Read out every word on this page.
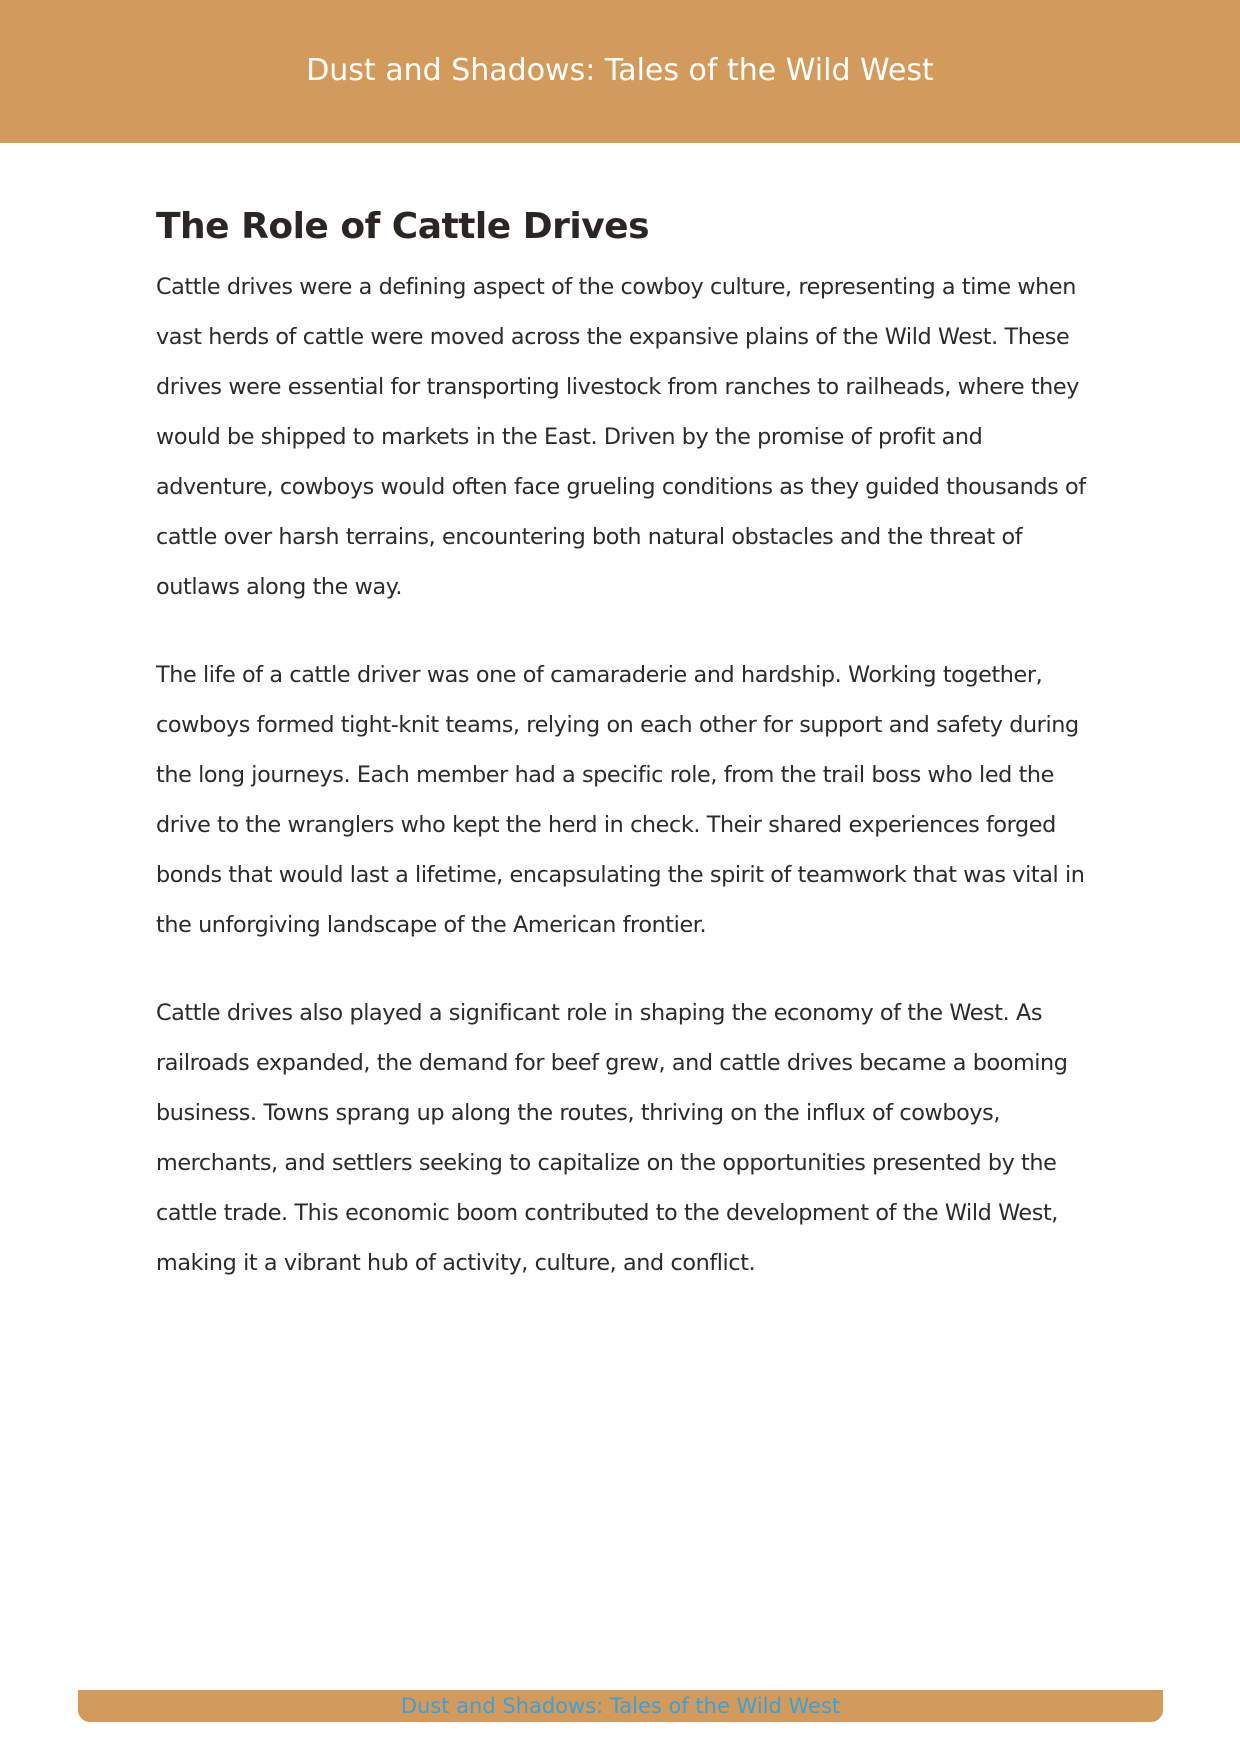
Dust and Shadows: Tales of the Wild West
The Role of Cattle Drives

Cattle drives were a defining aspect of the cowboy culture, representing a time when vast herds of cattle were moved across the expansive plains of the Wild West. These drives were essential for transporting livestock from ranches to railheads, where they would be shipped to markets in the East. Driven by the promise of profit and adventure, cowboys would often face grueling conditions as they guided thousands of cattle over harsh terrains, encountering both natural obstacles and the threat of outlaws along the way.

The life of a cattle driver was one of camaraderie and hardship. Working together, cowboys formed tight-knit teams, relying on each other for support and safety during the long journeys. Each member had a specific role, from the trail boss who led the drive to the wranglers who kept the herd in check. Their shared experiences forged bonds that would last a lifetime, encapsulating the spirit of teamwork that was vital in the unforgiving landscape of the American frontier.

Cattle drives also played a significant role in shaping the economy of the West. As railroads expanded, the demand for beef grew, and cattle drives became a booming business. Towns sprang up along the routes, thriving on the influx of cowboys, merchants, and settlers seeking to capitalize on the opportunities presented by the cattle trade. This economic boom contributed to the development of the Wild West, making it a vibrant hub of activity, culture, and conflict.

Dust and Shadows: Tales of the Wild West
